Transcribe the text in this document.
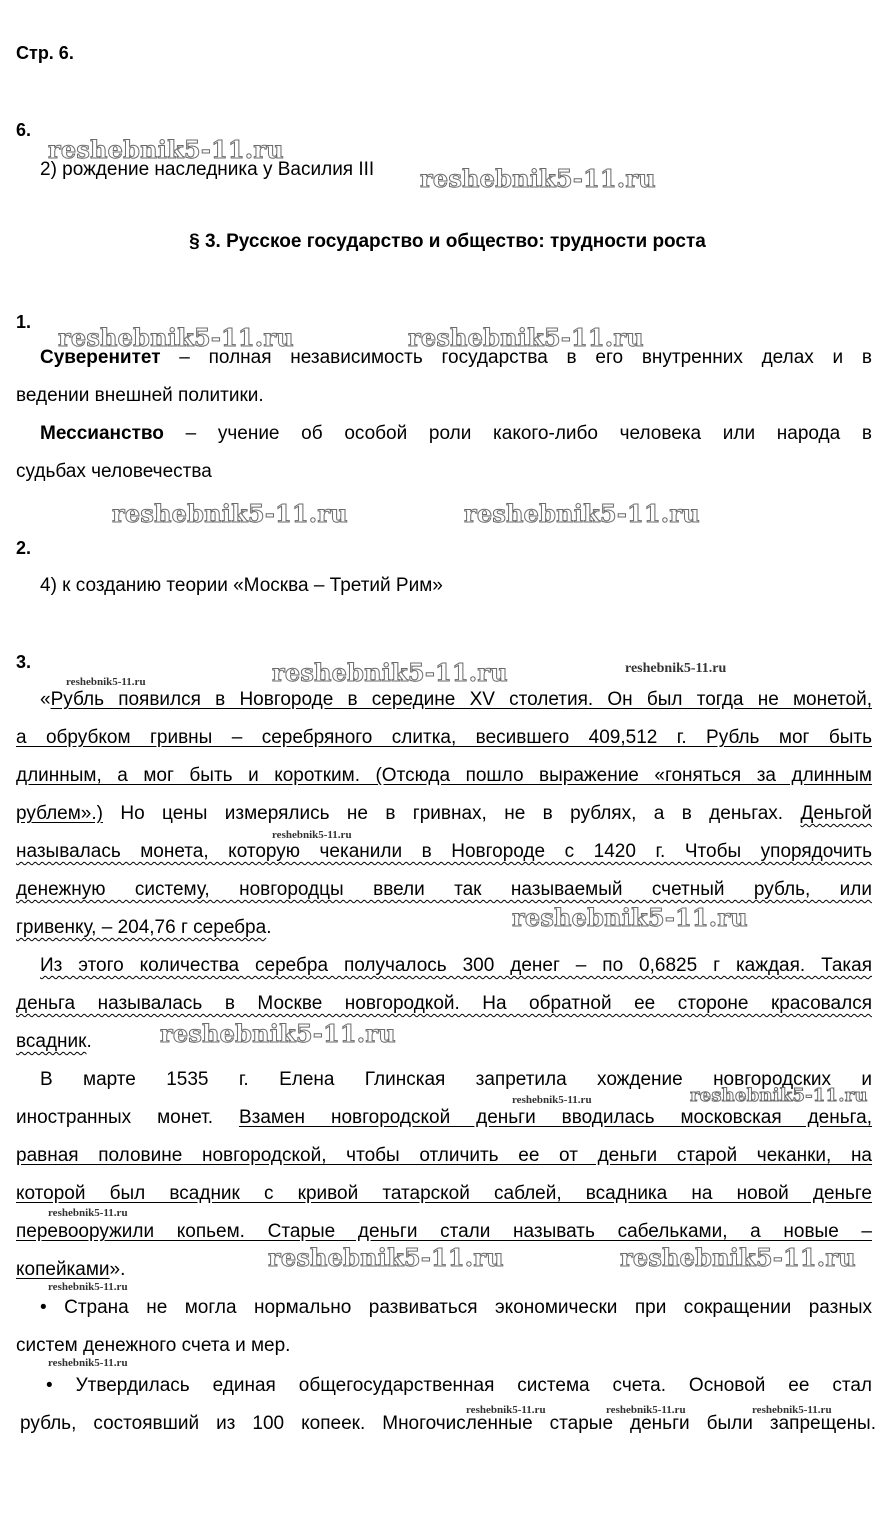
Стр. 6.
6.
reshebnik5-11.ru
2) рождение наследника у Василия III reshebnik5-11.ru
§ 3. Русское государство и общество: трудности роста
1.
reshebnik5-11.ru	reshebnik5-11.ru
Суверенитет – полная независимость государства в его внутренних делах и в
ведении внешней политики.
Мессианство – учение об особой роли какого-либо человека или народа в
судьбах человечества
reshebnik5-11.ru	reshebnik5-11.ru
2.
4) к созданию теории «Москва – Третий Рим»
3.
reshebnik5-11.ru	reshebnik5-11.ru	reshebnik5-11.ru
«Рубль появился в Новгороде в середине XV столетия. Он был тогда не монетой,
а обрубком гривны – серебряного слитка, весившего 409,512 г. Рубль мог быть
длинным, а мог быть и коротким. (Отсюда пошло выражение «гоняться за длинным
рублем».) Но цены измерялись не в гривнах, не в рублях, а в деньгах. Деньгой
reshebnik5-11.ru
называлась монета, которую чеканили в Новгороде с 1420 г. Чтобы упорядочить
денежную систему, новгородцы ввели так называемый счетный рубль, или
reshebnik5-11.ru
гривенку, – 204,76 г серебра.
Из этого количества серебра получалось 300 денег – по 0,6825 г каждая. Такая
деньга называлась в Москве новгородкой. На обратной ее стороне красовался
всадник.	reshebnik5-11.ru
В марте 1535 г. Елена Глинская запретила хождение новгородских и
reshebnik5-11.ru
иностранных монет. Взамен новгородской деньги вводилась московская деньга,
равная половине новгородской, чтобы отличить ее от деньги старой чеканки, на
которой был всадник с кривой татарской саблей, всадника на новой деньге
reshebnik5-11.ru
reshebnik5-11.ru
перевооружили копьем. Старые деньги стали называть сабельками, а новые –
копейками».	reshebnik5-11.ru	reshebnik5-11.ru
reshebnik5-11.ru
• Страна не могла нормально развиваться экономически при сокращении разных
систем денежного счета и мер.
reshebnik5-11.ru
• Утвердилась единая общегосударственная система счета. Основой ее стал
reshebnik5-11.ru	reshebnik5-11.ru	reshebnik5-11.ru
рубль, состоявший из 100 копеек. Многочисленные старые деньги были запрещены.
